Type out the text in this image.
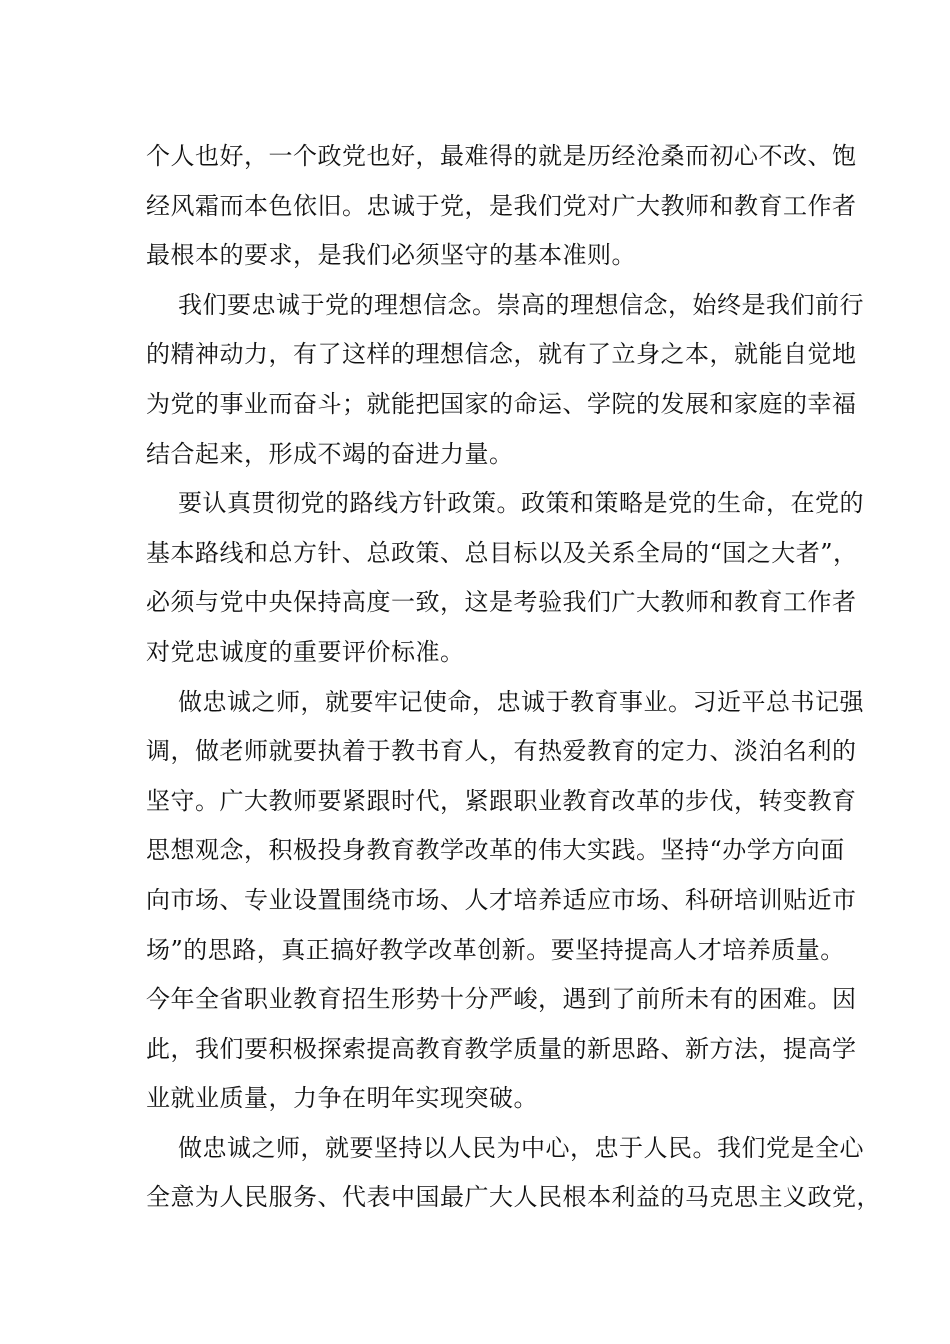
个人也好，一个政党也好，最难得的就是历经沧桑而初心不改、饱
经风霜而本色依旧。忠诚于党，是我们党对广大教师和教育工作者
最根本的要求，是我们必须坚守的基本准则。
我们要忠诚于党的理想信念。崇高的理想信念，始终是我们前行
的精神动力，有了这样的理想信念，就有了立身之本，就能自觉地
为党的事业而奋斗；就能把国家的命运、学院的发展和家庭的幸福
结合起来，形成不竭的奋进力量。
要认真贯彻党的路线方针政策。政策和策略是党的生命，在党的
基本路线和总方针、总政策、总目标以及关系全局的“国之大者”，
必须与党中央保持高度一致，这是考验我们广大教师和教育工作者
对党忠诚度的重要评价标准。
做忠诚之师，就要牢记使命，忠诚于教育事业。习近平总书记强
调，做老师就要执着于教书育人，有热爱教育的定力、淡泊名利的
坚守。广大教师要紧跟时代，紧跟职业教育改革的步伐，转变教育
思想观念，积极投身教育教学改革的伟大实践。坚持“办学方向面
向市场、专业设置围绕市场、人才培养适应市场、科研培训贴近市
场”的思路，真正搞好教学改革创新。要坚持提高人才培养质量。
今年全省职业教育招生形势十分严峻，遇到了前所未有的困难。因
此，我们要积极探索提高教育教学质量的新思路、新方法，提高学
业就业质量，力争在明年实现突破。
做忠诚之师，就要坚持以人民为中心，忠于人民。我们党是全心
全意为人民服务、代表中国最广大人民根本利益的马克思主义政党，
